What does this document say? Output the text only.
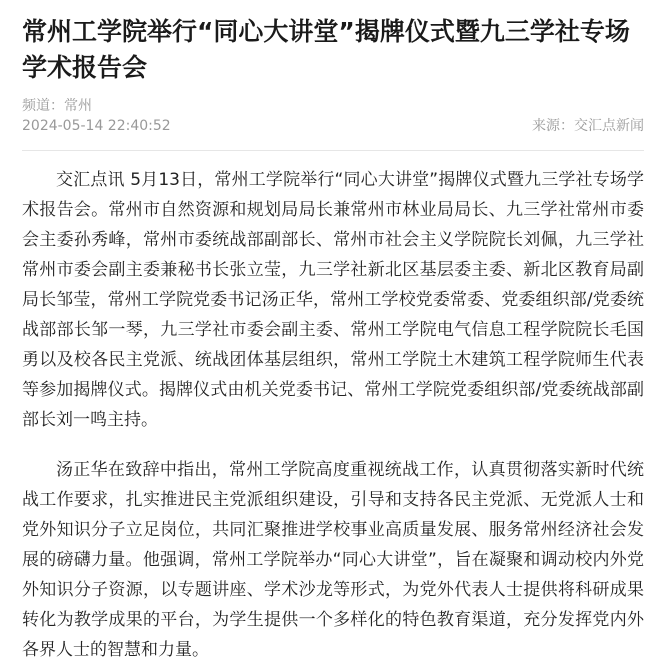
常州工学院举行“同心大讲堂”揭牌仪式暨九三学社专场学术报告会
频道：常州
2024-05-14 22:40:52	来源：交汇点新闻

交汇点讯 5月13日，常州工学院举行“同心大讲堂”揭牌仪式暨九三学社专场学术报告会。常州市自然资源和规划局局长兼常州市林业局局长、九三学社常州市委会主委孙秀峰，常州市委统战部副部长、常州市社会主义学院院长刘佩，九三学社常州市委会副主委兼秘书长张立莹，九三学社新北区基层委主委、新北区教育局副局长邹莹，常州工学院党委书记汤正华，常州工学校党委常委、党委组织部/党委统战部部长邹一琴，九三学社市委会副主委、常州工学院电气信息工程学院院长毛国勇以及校各民主党派、统战团体基层组织，常州工学院土木建筑工程学院师生代表等参加揭牌仪式。揭牌仪式由机关党委书记、常州工学院党委组织部/党委统战部副部长刘一鸣主持。

汤正华在致辞中指出，常州工学院高度重视统战工作，认真贯彻落实新时代统战工作要求，扎实推进民主党派组织建设，引导和支持各民主党派、无党派人士和党外知识分子立足岗位，共同汇聚推进学校事业高质量发展、服务常州经济社会发展的磅礴力量。他强调，常州工学院举办“同心大讲堂”，旨在凝聚和调动校内外党外知识分子资源，以专题讲座、学术沙龙等形式，为党外代表人士提供将科研成果转化为教学成果的平台，为学生提供一个多样化的特色教育渠道，充分发挥党内外各界人士的智慧和力量。
